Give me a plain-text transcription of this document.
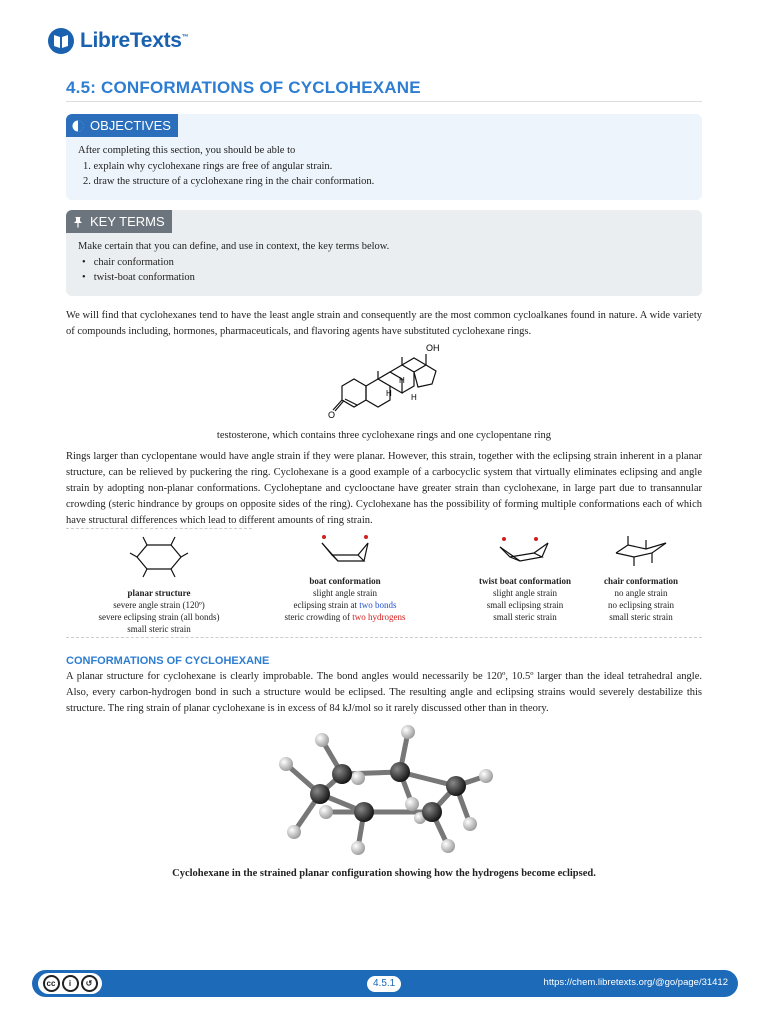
LibreTexts™
4.5: CONFORMATIONS OF CYCLOHEXANE
OBJECTIVES

After completing this section, you should be able to

1. explain why cyclohexane rings are free of angular strain.
2. draw the structure of a cyclohexane ring in the chair conformation.
KEY TERMS

Make certain that you can define, and use in context, the key terms below.

• chair conformation
• twist-boat conformation

We will find that cyclohexanes tend to have the least angle strain and consequently are the most common cycloalkanes found in nature. A wide variety of compounds including, hormones, pharmaceuticals, and flavoring agents have substituted cyclohexane rings.

OH
O
H
H
H

testosterone, which contains three cyclohexane rings and one cyclopentane ring

Rings larger than cyclopentane would have angle strain if they were planar. However, this strain, together with the eclipsing strain inherent in a planar structure, can be relieved by puckering the ring. Cyclohexane is a good example of a carbocyclic system that virtually eliminates eclipsing and angle strain by adopting non-planar conformations. Cycloheptane and cyclooctane have greater strain than cyclohexane, in large part due to transannular crowding (steric hindrance by groups on opposite sides of the ring). Cyclohexane has the possibility of forming multiple conformations each of which have structural differences which lead to different amounts of ring strain.

planar structure
severe angle strain (120º)
severe eclipsing strain (all bonds)
small steric strain
boat conformation
slight angle strain
eclipsing strain at two bonds
steric crowding of two hydrogens
twist boat conformation
slight angle strain
small eclipsing strain
small steric strain
chair conformation
no angle strain
no eclipsing strain
small steric strain
CONFORMATIONS OF CYCLOHEXANE

A planar structure for cyclohexane is clearly improbable. The bond angles would necessarily be 120º, 10.5º larger than the ideal tetrahedral angle. Also, every carbon-hydrogen bond in such a structure would be eclipsed. The resulting angle and eclipsing strains would severely destabilize this structure. The ring strain of planar cyclohexane is in excess of 84 kJ/mol so it rarely discussed other than in theory.

Cyclohexane in the strained planar configuration showing how the hydrogens become eclipsed.

cc	i	↺	4.5.1	https://chem.libretexts.org/@go/page/31412
